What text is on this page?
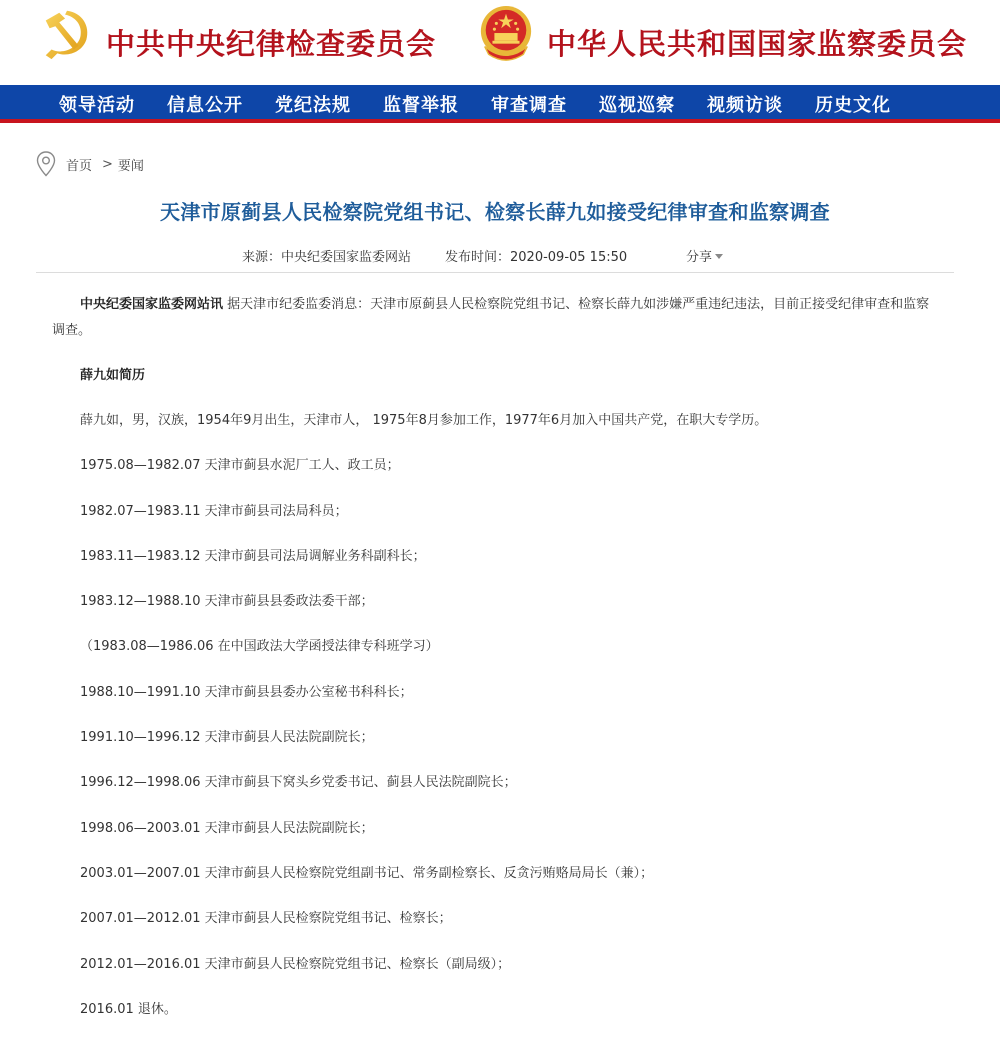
中共中央纪律检查委员会	中华人民共和国国家监察委员会
领导活动 信息公开 党纪法规 监督举报 审查调查 巡视巡察 视频访谈 历史文化
首页 > 要闻
天津市原蓟县人民检察院党组书记、检察长薛九如接受纪律审查和监察调查
来源：中央纪委国家监委网站	发布时间：2020-09-05 15:50	分享

中央纪委国家监委网站讯 据天津市纪委监委消息：天津市原蓟县人民检察院党组书记、检察长薛九如涉嫌严重违纪违法，目前正接受纪律审查和监察调查。

薛九如简历

薛九如，男，汉族，1954年9月出生，天津市人， 1975年8月参加工作，1977年6月加入中国共产党，在职大专学历。

1975.08—1982.07 天津市蓟县水泥厂工人、政工员；

1982.07—1983.11 天津市蓟县司法局科员；

1983.11—1983.12 天津市蓟县司法局调解业务科副科长；

1983.12—1988.10 天津市蓟县县委政法委干部；

（1983.08—1986.06 在中国政法大学函授法律专科班学习）

1988.10—1991.10 天津市蓟县县委办公室秘书科科长；

1991.10—1996.12 天津市蓟县人民法院副院长；

1996.12—1998.06 天津市蓟县下窝头乡党委书记、蓟县人民法院副院长；

1998.06—2003.01 天津市蓟县人民法院副院长；

2003.01—2007.01 天津市蓟县人民检察院党组副书记、常务副检察长、反贪污贿赂局局长（兼）；

2007.01—2012.01 天津市蓟县人民检察院党组书记、检察长；

2012.01—2016.01 天津市蓟县人民检察院党组书记、检察长（副局级）；

2016.01 退休。
